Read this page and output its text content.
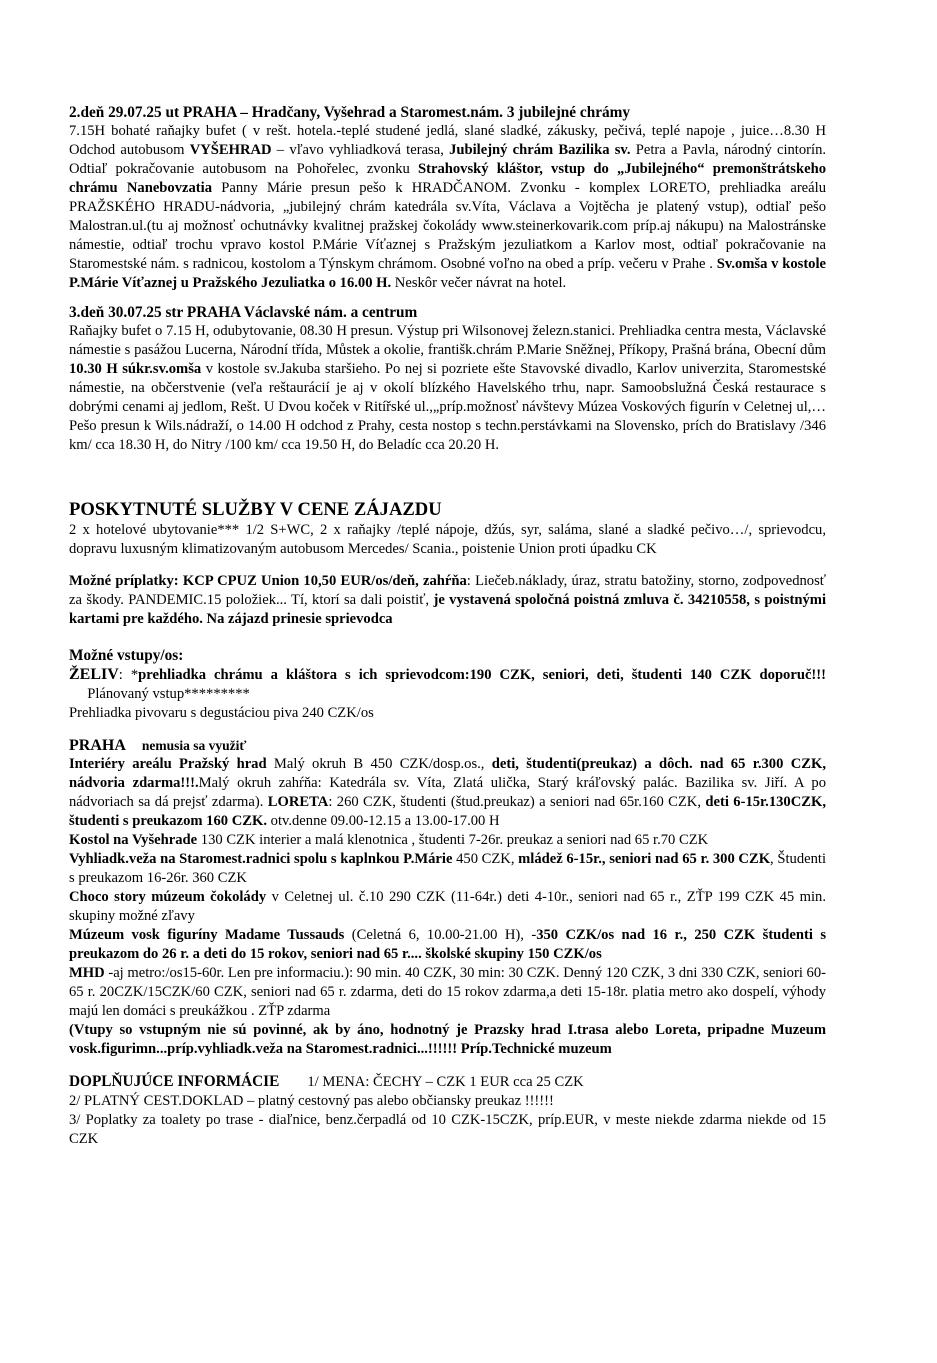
2.deň 29.07.25 ut PRAHA – Hradčany, Vyšehrad a Staromest.nám. 3 jubilejné chrámy

7.15H bohaté raňajky bufet ( v rešt. hotela.-teplé studené jedlá, slané sladké, zákusky, pečivá, teplé napoje , juice…8.30 H Odchod autobusom VYŠEHRAD – vľavo vyhliadková terasa, Jubilejný chrám Bazilika sv. Petra a Pavla, národný cintorín. Odtiaľ pokračovanie autobusom na Pohořelec, zvonku Strahovský kláštor, vstup do „Jubilejného“ premonštrátskeho chrámu Nanebovzatia Panny Márie presun pešo k HRADČANOM. Zvonku - komplex LORETO, prehliadka areálu PRAŽSKÉHO HRADU-nádvoria, „jubilejný chrám katedrála sv.Víta, Václava a Vojtěcha je platený vstup), odtiaľ pešo Malostran.ul.(tu aj možnosť ochutnávky kvalitnej pražskej čokolády www.steinerkovarik.com príp.aj nákupu) na Malostránske námestie, odtiaľ trochu vpravo kostol P.Márie Víťaznej s Pražským jezuliatkom a Karlov most, odtiaľ pokračovanie na Staromestské nám. s radnicou, kostolom a Týnskym chrámom. Osobné voľno na obed a príp. večeru v Prahe . Sv.omša v kostole P.Márie Víťaznej u Pražského Jezuliatka o 16.00 H. Neskôr večer návrat na hotel.

3.deň 30.07.25 str PRAHA Václavské nám. a centrum

Raňajky bufet o 7.15 H, odubytovanie, 08.30 H presun. Výstup pri Wilsonovej železn.stanici. Prehliadka centra mesta, Václavské námestie s pasážou Lucerna, Národní třída, Můstek a okolie, františk.chrám P.Marie Sněžnej, Příkopy, Prašná brána, Obecní dům 10.30 H súkr.sv.omša v kostole sv.Jakuba staršieho. Po nej si pozriete ešte Stavovské divadlo, Karlov univerzita, Staromestské námestie, na občerstvenie (veľa reštaurácií je aj v okolí blízkého Havelského trhu, napr. Samoobslužná Česká restaurace s dobrými cenami aj jedlom, Rešt. U Dvou koček v Ritířské ul.,„príp.možnosť návštevy Múzea Voskových figurín v Celetnej ul,…Pešo presun k Wils.nádraží, o 14.00 H odchod z Prahy, cesta nostop s techn.perstávkami na Slovensko, prích do Bratislavy /346 km/ cca 18.30 H, do Nitry /100 km/ cca 19.50 H, do Beladíc cca 20.20 H.

POSKYTNUTÉ SLUŽBY V CENE ZÁJAZDU

2 x hotelové ubytovanie*** 1/2 S+WC, 2 x raňajky /teplé nápoje, džús, syr, saláma, slané a sladké pečivo…/, sprievodcu, dopravu luxusným klimatizovaným autobusom Mercedes/ Scania., poistenie Union proti úpadku CK

Možné príplatky: KCP CPUZ Union 10,50 EUR/os/deň, zahŕňa: Liečeb.náklady, úraz, stratu batožiny, storno, zodpovednosť za škody. PANDEMIC.15 položiek... Tí, ktorí sa dali poistiť, je vystavená spoločná poistná zmluva č. 34210558, s poistnými kartami pre každého. Na zájazd prinesie sprievodca

Možné vstupy/os:

ŽELIV: *prehliadka chrámu a kláštora s ich sprievodcom:190 CZK, seniori, deti, študenti 140 CZK doporuč!!!     Plánovaný vstup*********

Prehliadka pivovaru s degustáciou piva 240 CZK/os

PRAHA nemusia sa využiť

Interiéry areálu Pražský hrad Malý okruh B 450 CZK/dosp.os., deti, študenti(preukaz) a dôch. nad 65 r.300 CZK, nádvoria zdarma!!!.Malý okruh zahŕňa: Katedrála sv. Víta, Zlatá ulička, Starý kráľovský palác. Bazilika sv. Jiří. A po nádvoriach sa dá prejsť zdarma). LORETA: 260 CZK, študenti (štud.preukaz) a seniori nad 65r.160 CZK, deti 6-15r.130CZK, študenti s preukazom 160 CZK. otv.denne 09.00-12.15 a 13.00-17.00 H

Kostol na Vyšehrade 130 CZK interier a malá klenotnica , študenti 7-26r. preukaz a seniori nad 65 r.70 CZK

Vyhliadk.veža na Staromest.radnici spolu s kaplnkou P.Márie 450 CZK, mládež 6-15r., seniori nad 65 r. 300 CZK, Študenti s preukazom 16-26r. 360 CZK

Choco story múzeum čokolády v Celetnej ul. č.10 290 CZK (11-64r.) deti 4-10r., seniori nad 65 r., ZŤP 199 CZK 45 min. skupiny možné zľavy

Múzeum vosk figuríny Madame Tussauds (Celetná 6, 10.00-21.00 H), -350 CZK/os nad 16 r., 250 CZK študenti s preukazom do 26 r. a deti do 15 rokov, seniori nad 65 r.... školské skupiny 150 CZK/os

MHD -aj metro:/os15-60r. Len pre informaciu.): 90 min. 40 CZK, 30 min: 30 CZK. Denný 120 CZK, 3 dni 330 CZK, seniori 60-65 r. 20CZK/15CZK/60 CZK, seniori nad 65 r. zdarma, deti do 15 rokov zdarma,a deti 15-18r. platia metro ako dospelí, výhody majú len domáci s preukážkou . ZŤP zdarma

(Vtupy so vstupným nie sú povinné, ak by áno, hodnotný je Prazsky hrad I.trasa alebo Loreta, pripadne Muzeum vosk.figurimn...príp.vyhliadk.veža na Staromest.radnici...!!!!!! Príp.Technické muzeum

DOPLŇUJÚCE INFORMÁCIE 1/ MENA: ČECHY – CZK 1 EUR cca 25 CZK

2/ PLATNÝ CEST.DOKLAD – platný cestovný pas alebo občiansky preukaz !!!!!!

3/ Poplatky za toalety po trase - diaľnice, benz.čerpadlá od 10 CZK-15CZK, príp.EUR, v meste niekde zdarma niekde od 15 CZK
